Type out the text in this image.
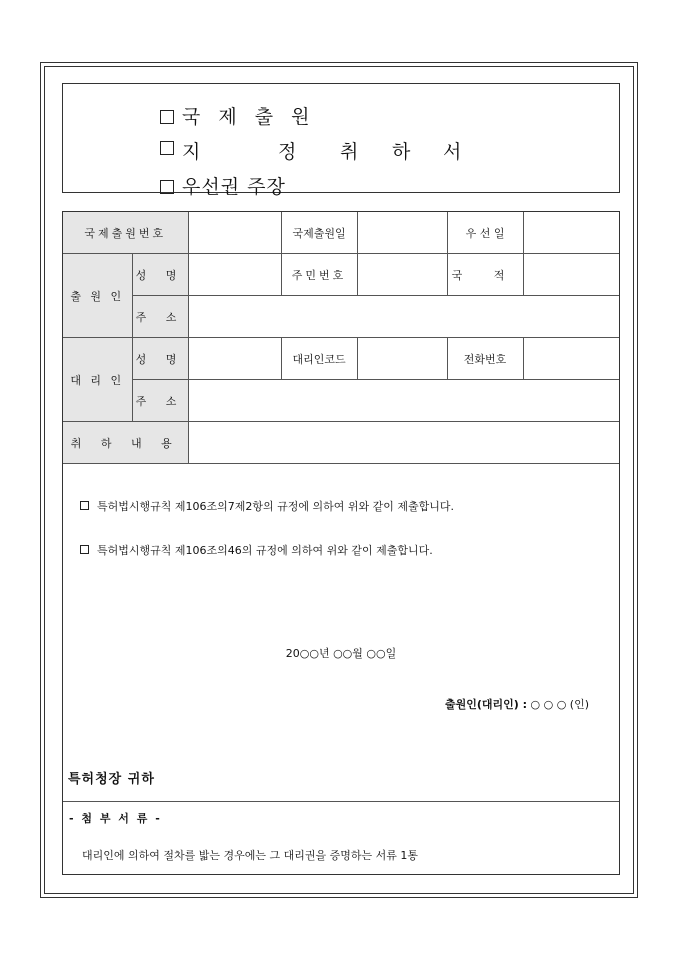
국 제 출 원
지	정 취 하 서
우선권 주장
국제출원번호			국제출원일		우 선 일	
출 원 인	성 명		주민번호		국 적	
	주 소					
대 리 인	성 명		대리인코드		전화번호	
	주 소					
취 하 내 용						
특허법시행규칙 제106조의7제2항의 규정에 의하여 위와 같이 제출합니다.
특허법시행규칙 제106조의46의 규정에 의하여 위와 같이 제출합니다.
20○○년 ○○월 ○○일
출원인(대리인) : ○ ○ ○ (인)
특허청장 귀하
- 첨 부 서 류 -
대리인에 의하여 절차를 밟는 경우에는 그 대리권을 증명하는 서류 1통
